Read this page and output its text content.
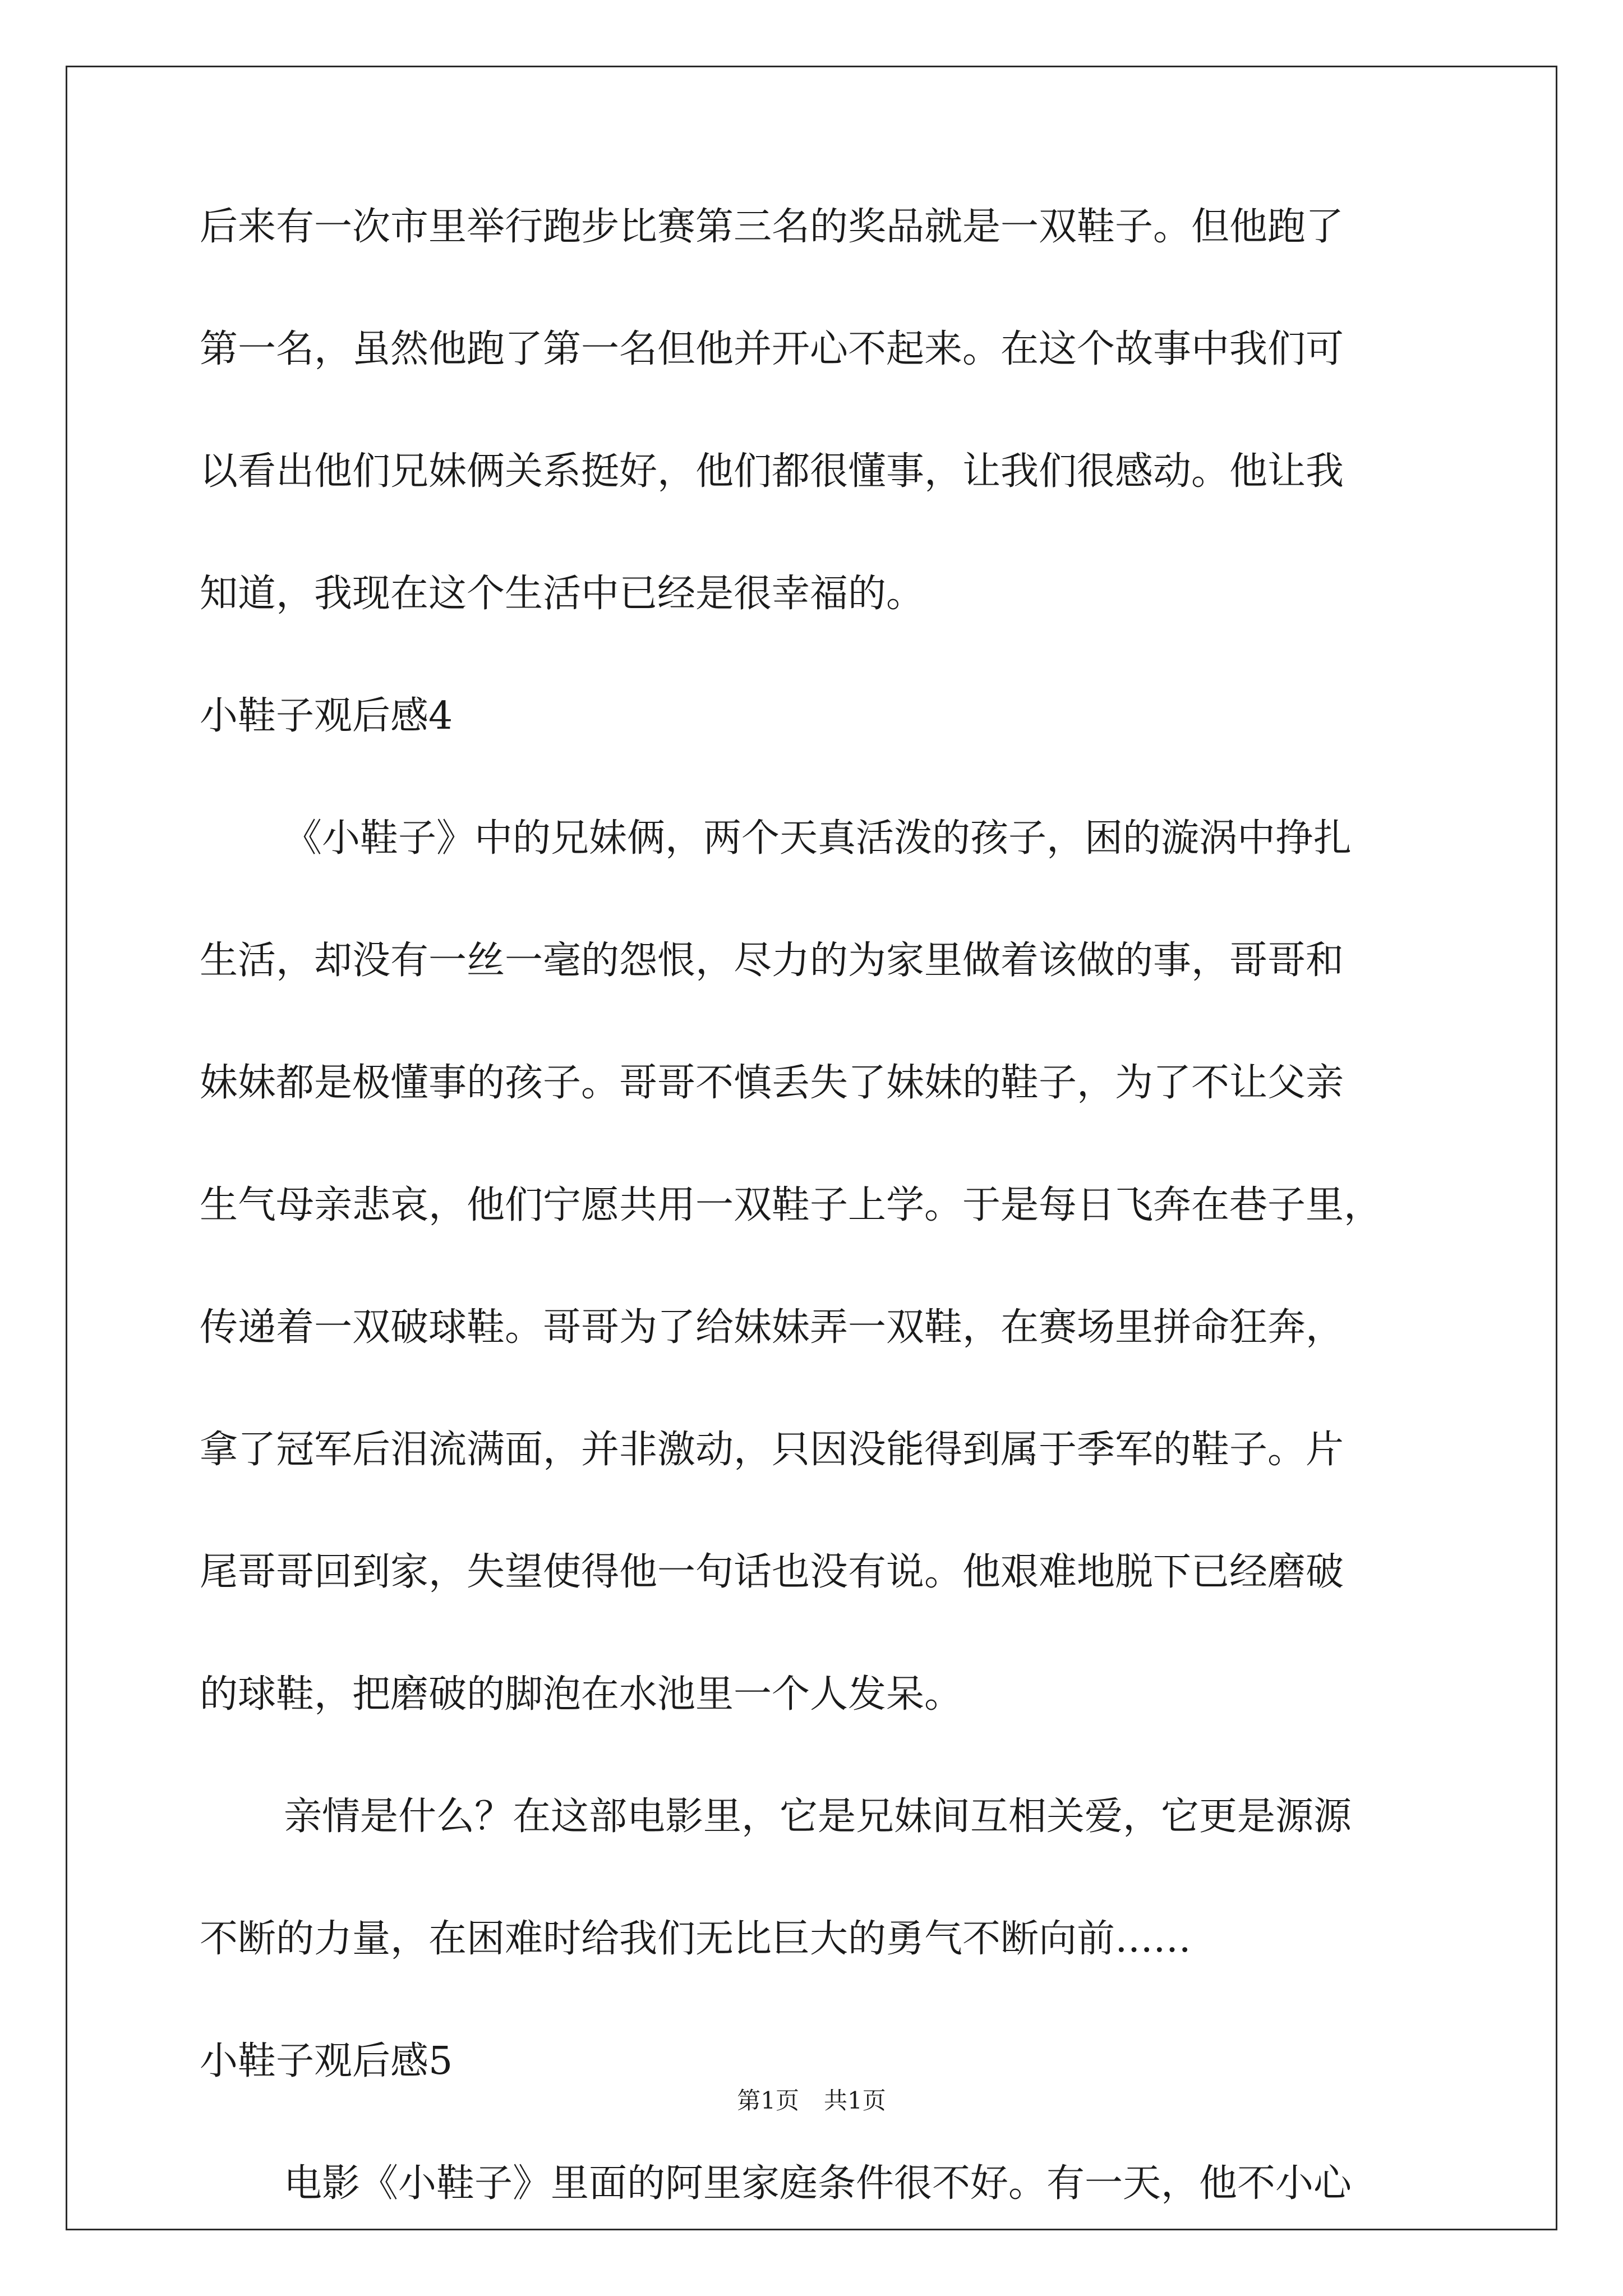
后来有一次市里举行跑步比赛第三名的奖品就是一双鞋子。但他跑了
第一名，虽然他跑了第一名但他并开心不起来。在这个故事中我们可
以看出他们兄妹俩关系挺好，他们都很懂事，让我们很感动。他让我
知道，我现在这个生活中已经是很幸福的。
小鞋子观后感4
《小鞋子》中的兄妹俩，两个天真活泼的孩子，困的漩涡中挣扎
生活，却没有一丝一毫的怨恨，尽力的为家里做着该做的事，哥哥和
妹妹都是极懂事的孩子。哥哥不慎丢失了妹妹的鞋子，为了不让父亲
生气母亲悲哀，他们宁愿共用一双鞋子上学。于是每日飞奔在巷子里，
传递着一双破球鞋。哥哥为了给妹妹弄一双鞋，在赛场里拼命狂奔，
拿了冠军后泪流满面，并非激动，只因没能得到属于季军的鞋子。片
尾哥哥回到家，失望使得他一句话也没有说。他艰难地脱下已经磨破
的球鞋，把磨破的脚泡在水池里一个人发呆。
亲情是什么？在这部电影里，它是兄妹间互相关爱，它更是源源
不断的力量，在困难时给我们无比巨大的勇气不断向前……
小鞋子观后感5
电影《小鞋子》里面的阿里家庭条件很不好。有一天，他不小心
第1页 共1页
